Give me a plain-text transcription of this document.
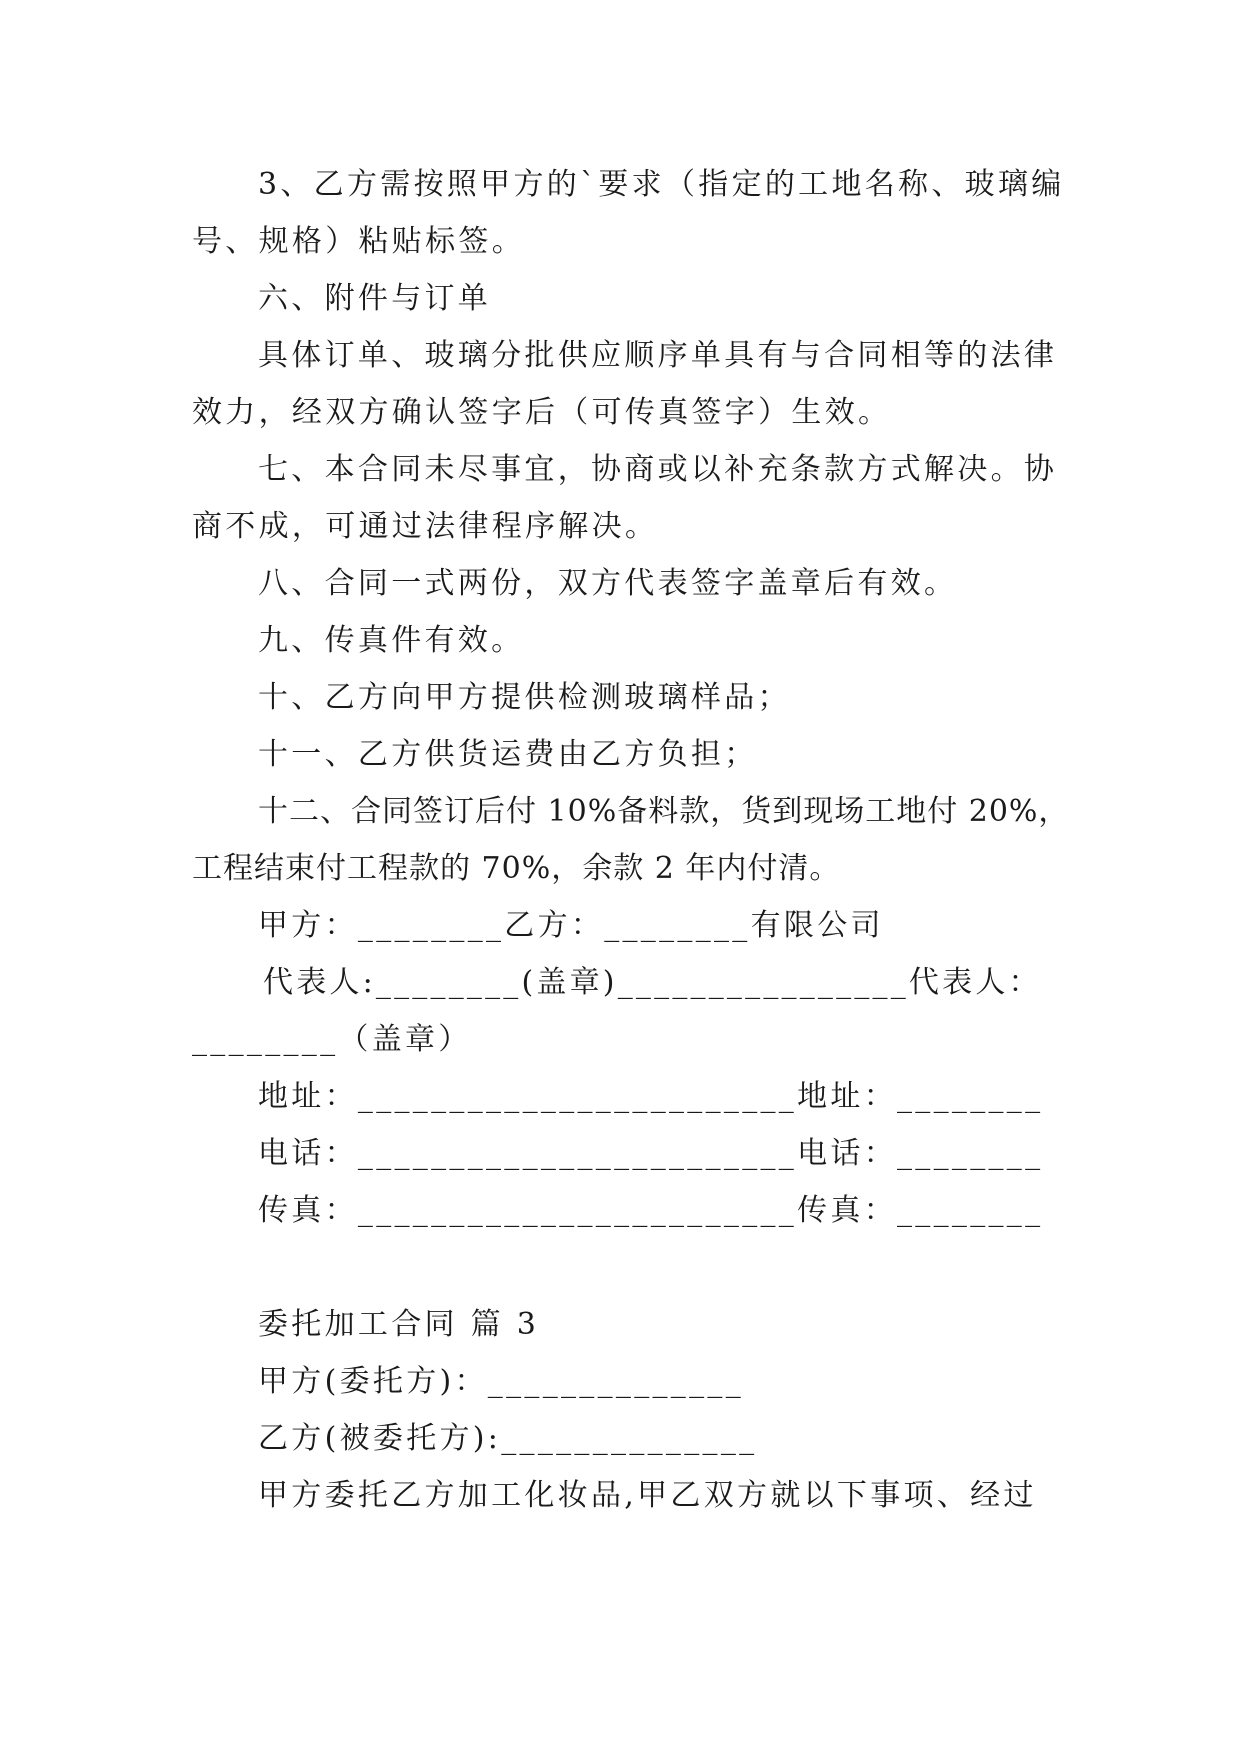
3、乙方需按照甲方的`要求（指定的工地名称、玻璃编
号、规格）粘贴标签。
六、附件与订单
具体订单、玻璃分批供应顺序单具有与合同相等的法律
效力，经双方确认签字后（可传真签字）生效。
七、本合同未尽事宜，协商或以补充条款方式解决。协
商不成，可通过法律程序解决。
八、合同一式两份，双方代表签字盖章后有效。
九、传真件有效。
十、乙方向甲方提供检测玻璃样品；
十一、乙方供货运费由乙方负担；
十二、合同签订后付 10%备料款，货到现场工地付 20%，
工程结束付工程款的 70%，余款 2 年内付清。
甲方：________乙方：________有限公司
代表人:________(盖章)________________代表人：
________（盖章）
地址：________________________地址：________
电话：________________________电话：________
传真：________________________传真：________
委托加工合同 篇 3
甲方(委托方)：______________
乙方(被委托方):______________
甲方委托乙方加工化妆品,甲乙双方就以下事项、经过
